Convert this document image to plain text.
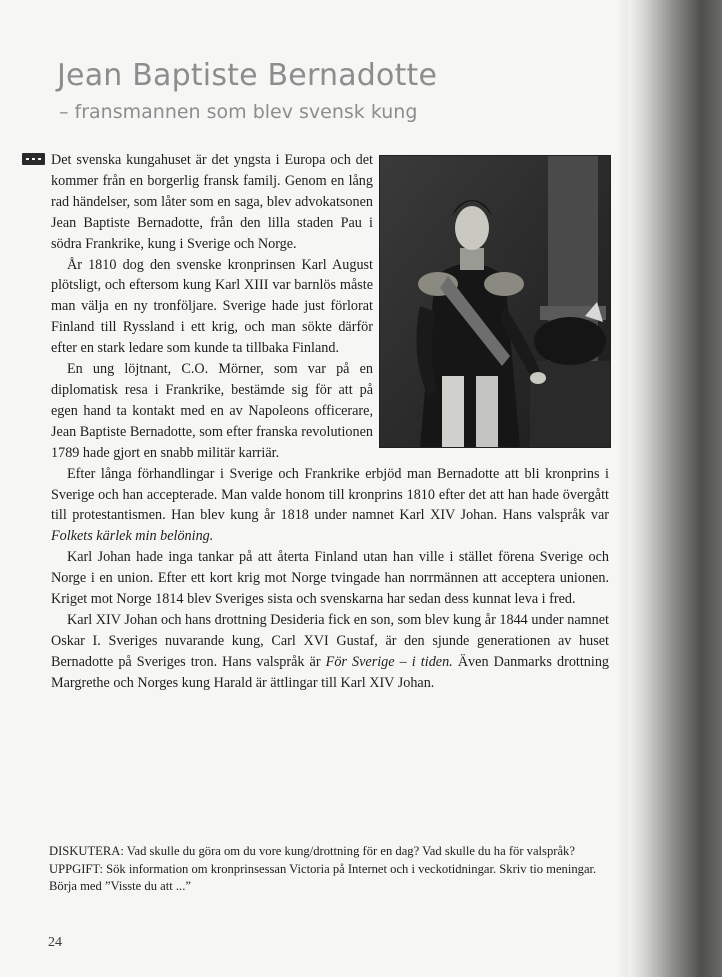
Jean Baptiste Bernadotte
– fransmannen som blev svensk kung

Det svenska kungahuset är det yngsta i Europa och det kommer från en borgerlig fransk familj. Genom en lång rad händelser, som låter som en saga, blev advokatsonen Jean Baptiste Bernadotte, från den lilla staden Pau i södra Frankrike, kung i Sverige och Norge.

År 1810 dog den svenske kronprinsen Karl August plötsligt, och eftersom kung Karl XIII var barnlös måste man välja en ny tronföljare. Sverige hade just förlorat Finland till Ryssland i ett krig, och man sökte därför efter en stark ledare som kunde ta tillbaka Finland.

En ung löjtnant, C.O. Mörner, som var på en diplomatisk resa i Frankrike, bestämde sig för att på egen hand ta kontakt med en av Napoleons officerare, Jean Baptiste Bernadotte, som efter franska revolutionen 1789 hade gjort en snabb militär karriär.

Efter långa förhandlingar i Sverige och Frankrike erbjöd man Bernadotte att bli kronprins i Sverige och han accepterade. Man valde honom till kronprins 1810 efter det att han hade övergått till protestantismen. Han blev kung år 1818 under namnet Karl XIV Johan. Hans valspråk var Folkets kärlek min belöning.

Karl Johan hade inga tankar på att återta Finland utan han ville i stället förena Sverige och Norge i en union. Efter ett kort krig mot Norge tvingade han norrmännen att acceptera unionen. Kriget mot Norge 1814 blev Sveriges sista och svenskarna har sedan dess kunnat leva i fred.

Karl XIV Johan och hans drottning Desideria fick en son, som blev kung år 1844 under namnet Oskar I. Sveriges nuvarande kung, Carl XVI Gustaf, är den sjunde generationen av huset Bernadotte på Sveriges tron. Hans valspråk är För Sverige – i tiden. Även Danmarks drottning Margrethe och Norges kung Harald är ättlingar till Karl XIV Johan.

DISKUTERA: Vad skulle du göra om du vore kung/drottning för en dag? Vad skulle du ha för valspråk?

UPPGIFT: Sök information om kronprinsessan Victoria på Internet och i veckotidningar. Skriv tio meningar. Börja med ”Visste du att ...”

24
